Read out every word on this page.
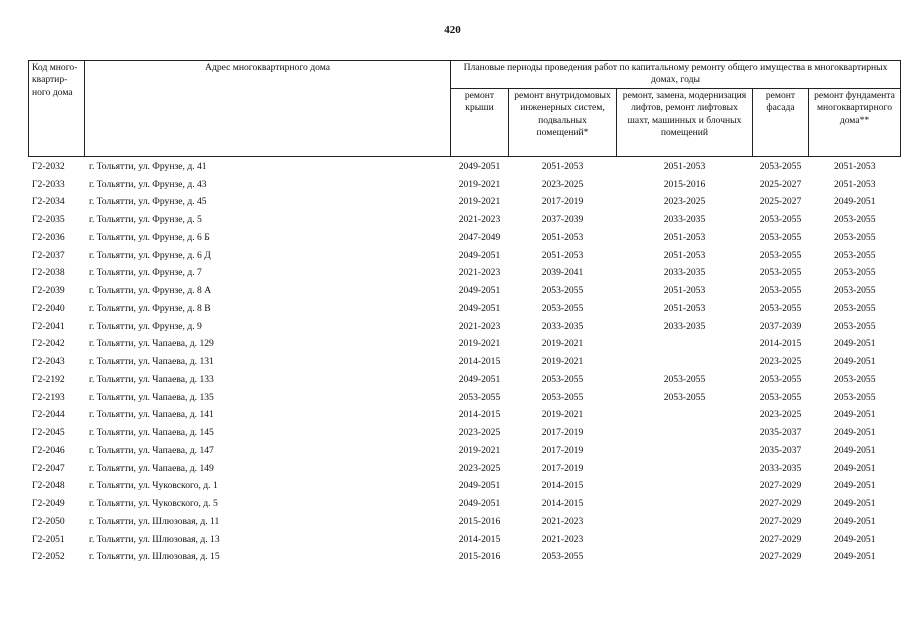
420
Код много-квартир-ного дома	Адрес многоквартирного дома	Плановые периоды проведения работ по капитальному ремонту общего имущества в многоквартирных домах, годы				
		ремонт крыши	ремонт внутридомовых инженерных систем, подвальных помещений*	ремонт, замена, модернизация лифтов, ремонт лифтовых шахт, машинных и блочных помещений	ремонт фасада	ремонт фундамента многоквартирного дома**
Г2-2032	г. Тольятти, ул. Фрунзе, д. 41	2049-2051	2051-2053	2051-2053	2053-2055	2051-2053
Г2-2033	г. Тольятти, ул. Фрунзе, д. 43	2019-2021	2023-2025	2015-2016	2025-2027	2051-2053
Г2-2034	г. Тольятти, ул. Фрунзе, д. 45	2019-2021	2017-2019	2023-2025	2025-2027	2049-2051
Г2-2035	г. Тольятти, ул. Фрунзе, д. 5	2021-2023	2037-2039	2033-2035	2053-2055	2053-2055
Г2-2036	г. Тольятти, ул. Фрунзе, д. 6 Б	2047-2049	2051-2053	2051-2053	2053-2055	2053-2055
Г2-2037	г. Тольятти, ул. Фрунзе, д. 6 Д	2049-2051	2051-2053	2051-2053	2053-2055	2053-2055
Г2-2038	г. Тольятти, ул. Фрунзе, д. 7	2021-2023	2039-2041	2033-2035	2053-2055	2053-2055
Г2-2039	г. Тольятти, ул. Фрунзе, д. 8 А	2049-2051	2053-2055	2051-2053	2053-2055	2053-2055
Г2-2040	г. Тольятти, ул. Фрунзе, д. 8 В	2049-2051	2053-2055	2051-2053	2053-2055	2053-2055
Г2-2041	г. Тольятти, ул. Фрунзе, д. 9	2021-2023	2033-2035	2033-2035	2037-2039	2053-2055
Г2-2042	г. Тольятти, ул. Чапаева, д. 129	2019-2021	2019-2021		2014-2015	2049-2051
Г2-2043	г. Тольятти, ул. Чапаева, д. 131	2014-2015	2019-2021		2023-2025	2049-2051
Г2-2192	г. Тольятти, ул. Чапаева, д. 133	2049-2051	2053-2055	2053-2055	2053-2055	2053-2055
Г2-2193	г. Тольятти, ул. Чапаева, д. 135	2053-2055	2053-2055	2053-2055	2053-2055	2053-2055
Г2-2044	г. Тольятти, ул. Чапаева, д. 141	2014-2015	2019-2021		2023-2025	2049-2051
Г2-2045	г. Тольятти, ул. Чапаева, д. 145	2023-2025	2017-2019		2035-2037	2049-2051
Г2-2046	г. Тольятти, ул. Чапаева, д. 147	2019-2021	2017-2019		2035-2037	2049-2051
Г2-2047	г. Тольятти, ул. Чапаева, д. 149	2023-2025	2017-2019		2033-2035	2049-2051
Г2-2048	г. Тольятти, ул. Чуковского, д. 1	2049-2051	2014-2015		2027-2029	2049-2051
Г2-2049	г. Тольятти, ул. Чуковского, д. 5	2049-2051	2014-2015		2027-2029	2049-2051
Г2-2050	г. Тольятти, ул. Шлюзовая, д. 11	2015-2016	2021-2023		2027-2029	2049-2051
Г2-2051	г. Тольятти, ул. Шлюзовая, д. 13	2014-2015	2021-2023		2027-2029	2049-2051
Г2-2052	г. Тольятти, ул. Шлюзовая, д. 15	2015-2016	2053-2055		2027-2029	2049-2051
